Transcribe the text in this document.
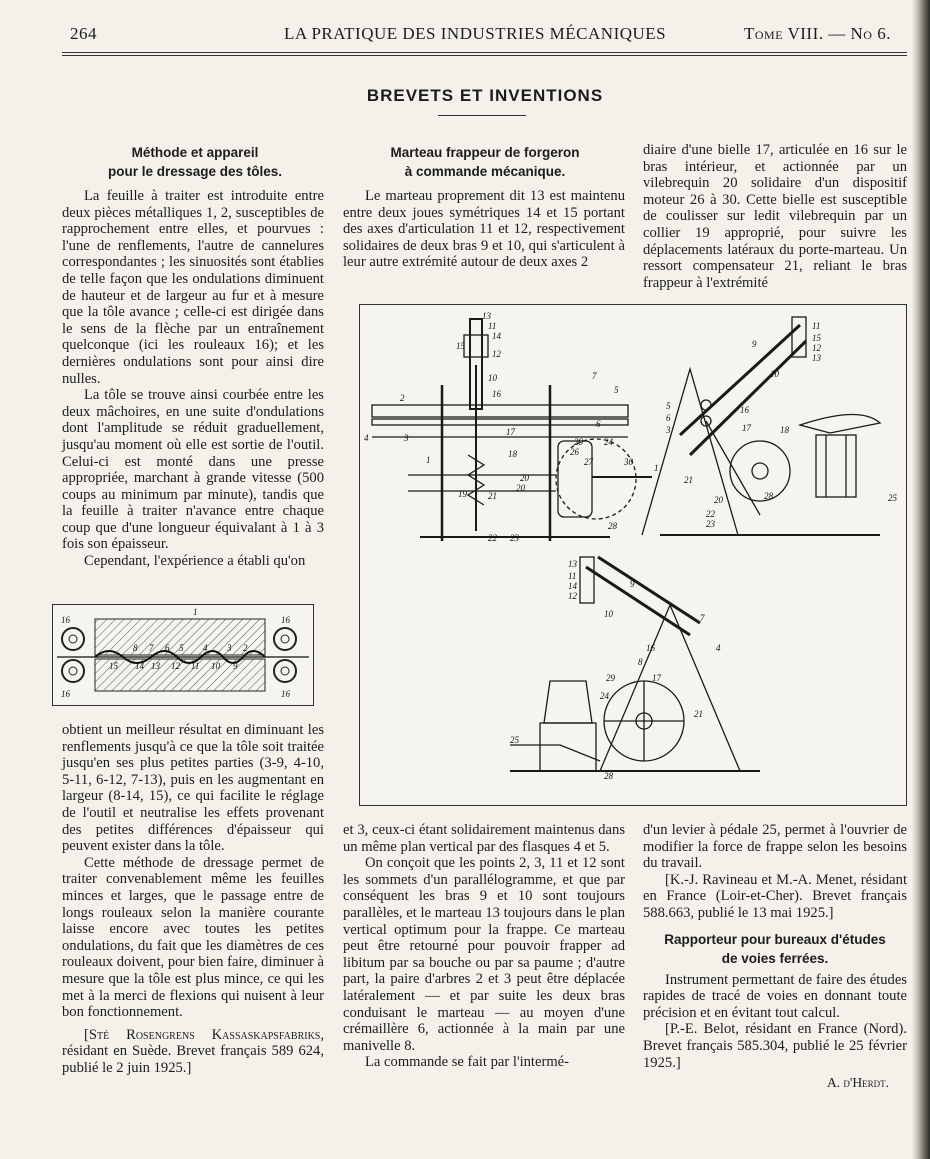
264	LA PRATIQUE DES INDUSTRIES MÉCANIQUES	Tome VIII. — No 6.
BREVETS ET INVENTIONS
Méthode et appareil
pour le dressage des tôles.

La feuille à traiter est introduite entre deux pièces métalliques 1, 2, susceptibles de rapprochement entre elles, et pourvues : l'une de renflements, l'autre de cannelures correspondantes ; les sinuosités sont établies de telle façon que les ondulations diminuent de hauteur et de largeur au fur et à mesure que la tôle avance ; celle-ci est dirigée dans le sens de la flèche par un entraînement quelconque (ici les rouleaux 16); et les dernières ondulations sont pour ainsi dire nulles.

La tôle se trouve ainsi courbée entre les deux mâchoires, en une suite d'ondulations dont l'amplitude se réduit graduellement, jusqu'au moment où elle est sortie de l'outil. Celui-ci est monté dans une presse appropriée, marchant à grande vitesse (500 coups au minimum par minute), tandis que la feuille à traiter n'avance entre chaque coup que d'une longueur équivalant à 1 à 3 fois son épaisseur.

Cependant, l'expérience a établi qu'on

1
16
16
16
16
8 7 6 5 4 3 2
15 14 13 12 11 10 9

obtient un meilleur résultat en diminuant les renflements jusqu'à ce que la tôle soit traitée jusqu'en ses plus petites parties (3-9, 4-10, 5-11, 6-12, 7-13), puis en les augmentant en largeur (8-14, 15), ce qui facilite le réglage de l'outil et neutralise les effets provenant des petites différences d'épaisseur qui peuvent exister dans la tôle.

Cette méthode de dressage permet de traiter convenablement même les feuilles minces et larges, que le passage entre de longs rouleaux selon la manière courante laisse encore avec toutes les petites ondulations, du fait que les diamètres de ces rouleaux doivent, pour bien faire, diminuer à mesure que la tôle est plus mince, ce qui les met à la merci de flexions qui nuisent à leur bon fonctionnement.

[Sté Rosengrens Kassaskapsfabriks, résidant en Suède. Brevet français 589 624, publié le 2 juin 1925.]

Marteau frappeur de forgeron
à commande mécanique.

Le marteau proprement dit 13 est maintenu entre deux joues symétriques 14 et 15 portant des axes d'articulation 11 et 12, respectivement solidaires de deux bras 9 et 10, qui s'articulent à leur autre extrémité autour de deux axes 2

diaire d'une bielle 17, articulée en 16 sur le bras intérieur, et actionnée par un vilebrequin 20 solidaire d'un dispositif moteur 26 à 30. Cette bielle est susceptible de coulisser sur ledit vilebrequin par un collier 19 approprié, pour suivre les déplacements latéraux du porte-marteau. Un ressort compensateur 21, reliant le bras frappeur à l'extrémité

13
11
14
15
12
10
2
7
5
16
4
6
3
17
29 24
26
27
1
18
30
20
19 21
20
22 23
28
11
15
12
13
9
10
5
6
3
16
17	18
1
21
20	28
22
23
25
13
11
14
12
9
7
10
16	4
8
29	17
24
21
25
28

et 3, ceux-ci étant solidairement maintenus dans un même plan vertical par des flasques 4 et 5.

On conçoit que les points 2, 3, 11 et 12 sont les sommets d'un parallélogramme, et que par conséquent les bras 9 et 10 sont toujours parallèles, et le marteau 13 toujours dans le plan vertical optimum pour la frappe. Ce marteau peut être retourné pour pouvoir frapper ad libitum par sa bouche ou par sa paume ; d'autre part, la paire d'arbres 2 et 3 peut être déplacée latéralement — et par suite les deux bras conduisant le marteau — au moyen d'une crémaillère 6, actionnée à la main par une manivelle 8.

La commande se fait par l'intermé-

d'un levier à pédale 25, permet à l'ouvrier de modifier la force de frappe selon les besoins du travail.

[K.-J. Ravineau et M.-A. Menet, résidant en France (Loir-et-Cher). Brevet français 588.663, publié le 13 mai 1925.]

Rapporteur pour bureaux d'études
de voies ferrées.

Instrument permettant de faire des études rapides de tracé de voies en donnant toute précision et en évitant tout calcul.

[P.-E. Belot, résidant en France (Nord). Brevet français 585.304, publié le 25 février 1925.]

A. d'Herdt.
